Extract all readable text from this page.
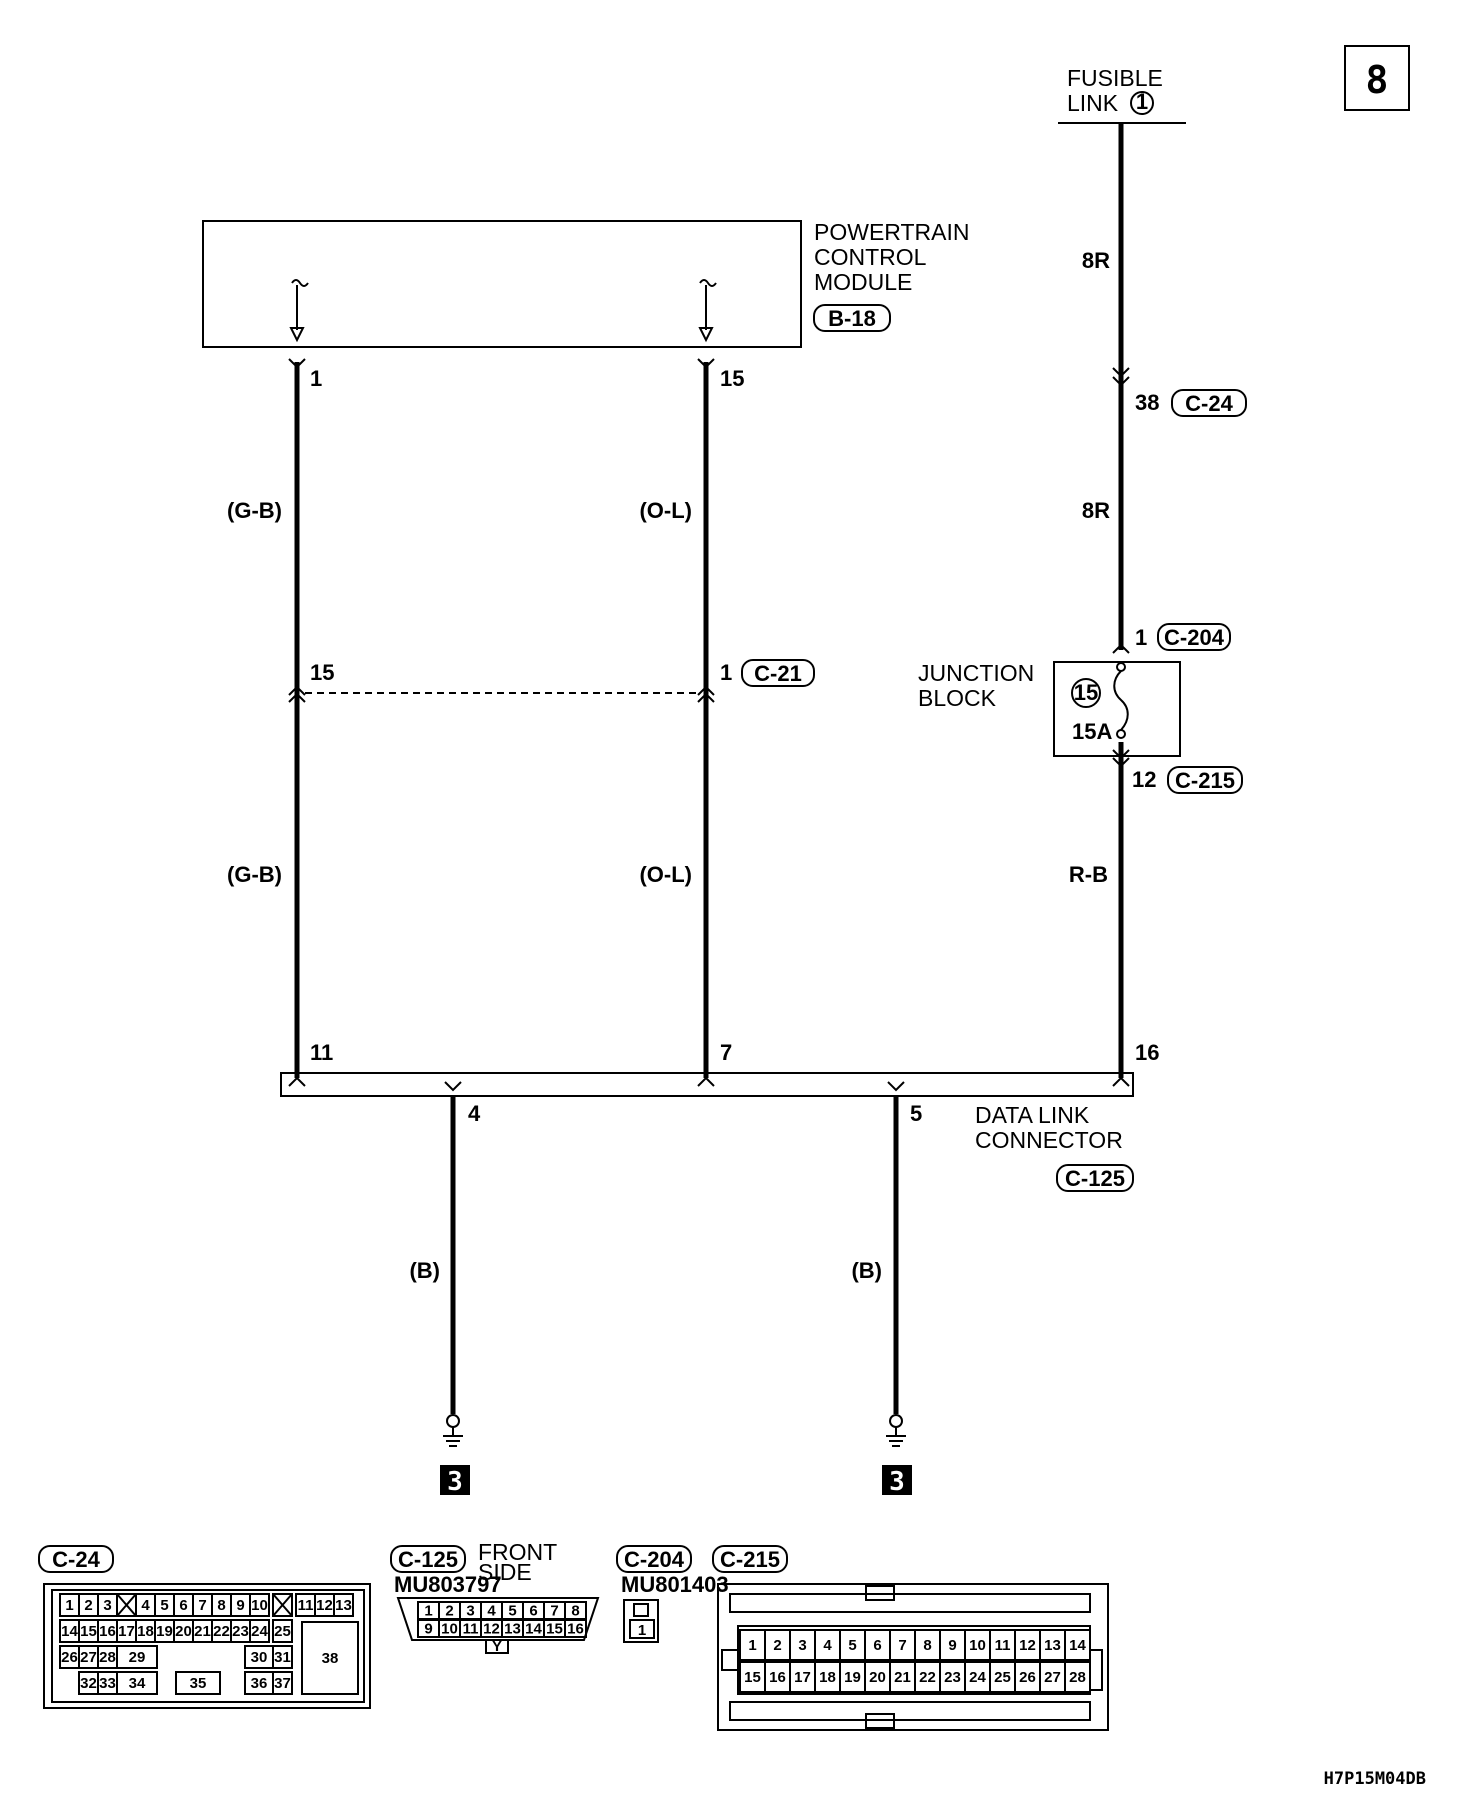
8
FUSIBLE
LINK 1
8R
38 C-24
8R
1 C-204
JUNCTION
BLOCK	15
15A
12 C-215
R-B
POWERTRAIN
CONTROL
MODULE
B-18
1
(G-B)
15
(G-B)
15
(O-L)
1 C-21
(O-L)
11	7	16
4	5 DATA LINK
CONNECTOR
C-125
(B)	(B)
3	3
C-24
1 2 3 4 5 6 7 8 9 10 11 12 13
14 15 16 17 18 19 20 21 22 23 24 25
26 27 28 29	30 31
32 33 34	35	36 37
38
C-125 FRONT
SIDE
MU803797
1 2 3 4 5 6 7 8
9 10 11 12 13 14 15 16
Y
C-204
MU801403
1
C-215
1 2 3 4 5 6 7 8 9 10 11 12 13 14
15 16 17 18 19 20 21 22 23 24 25 26 27 28
H7P15M04DB
